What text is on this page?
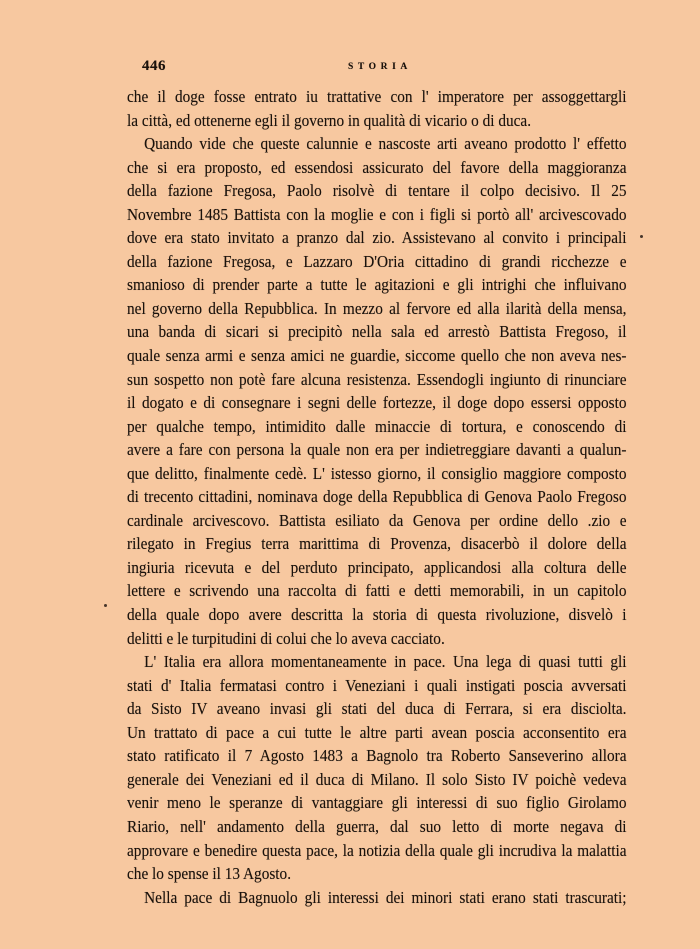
446	STORIA
che il doge fosse entrato iu trattative con l' imperatore per assoggettargli
la città, ed ottenerne egli il governo in qualità di vicario o di duca.
Quando vide che queste calunnie e nascoste arti aveano prodotto l' effetto
che si era proposto, ed essendosi assicurato del favore della maggioranza
della fazione Fregosa, Paolo risolvè di tentare il colpo decisivo. Il 25
Novembre 1485 Battista con la moglie e con i figli si portò all' arcivescovado
dove era stato invitato a pranzo dal zio. Assistevano al convito i principali
della fazione Fregosa, e Lazzaro D'Oria cittadino di grandi ricchezze e
smanioso di prender parte a tutte le agitazioni e gli intrighi che influivano
nel governo della Repubblica. In mezzo al fervore ed alla ilarità della mensa,
una banda di sicari si precipitò nella sala ed arrestò Battista Fregoso, il
quale senza armi e senza amici ne guardie, siccome quello che non aveva nes-
sun sospetto non potè fare alcuna resistenza. Essendogli ingiunto di rinunciare
il dogato e di consegnare i segni delle fortezze, il doge dopo essersi opposto
per qualche tempo, intimidito dalle minaccie di tortura, e conoscendo di
avere a fare con persona la quale non era per indietreggiare davanti a qualun-
que delitto, finalmente cedè. L' istesso giorno, il consiglio maggiore composto
di trecento cittadini, nominava doge della Repubblica di Genova Paolo Fregoso
cardinale arcivescovo. Battista esiliato da Genova per ordine dello .zio e
rilegato in Fregius terra marittima di Provenza, disacerbò il dolore della
ingiuria ricevuta e del perduto principato, applicandosi alla coltura delle
lettere e scrivendo una raccolta di fatti e detti memorabili, in un capitolo
della quale dopo avere descritta la storia di questa rivoluzione, disvelò i
delitti e le turpitudini di colui che lo aveva cacciato.
L' Italia era allora momentaneamente in pace. Una lega di quasi tutti gli
stati d' Italia fermatasi contro i Veneziani i quali instigati poscia avversati
da Sisto IV aveano invasi gli stati del duca di Ferrara, si era disciolta.
Un trattato di pace a cui tutte le altre parti avean poscia acconsentito era
stato ratificato il 7 Agosto 1483 a Bagnolo tra Roberto Sanseverino allora
generale dei Veneziani ed il duca di Milano. Il solo Sisto IV poichè vedeva
venir meno le speranze di vantaggiare gli interessi di suo figlio Girolamo
Riario, nell' andamento della guerra, dal suo letto di morte negava di
approvare e benedire questa pace, la notizia della quale gli incrudiva la malattia
che lo spense il 13 Agosto.
Nella pace di Bagnuolo gli interessi dei minori stati erano stati trascurati;
